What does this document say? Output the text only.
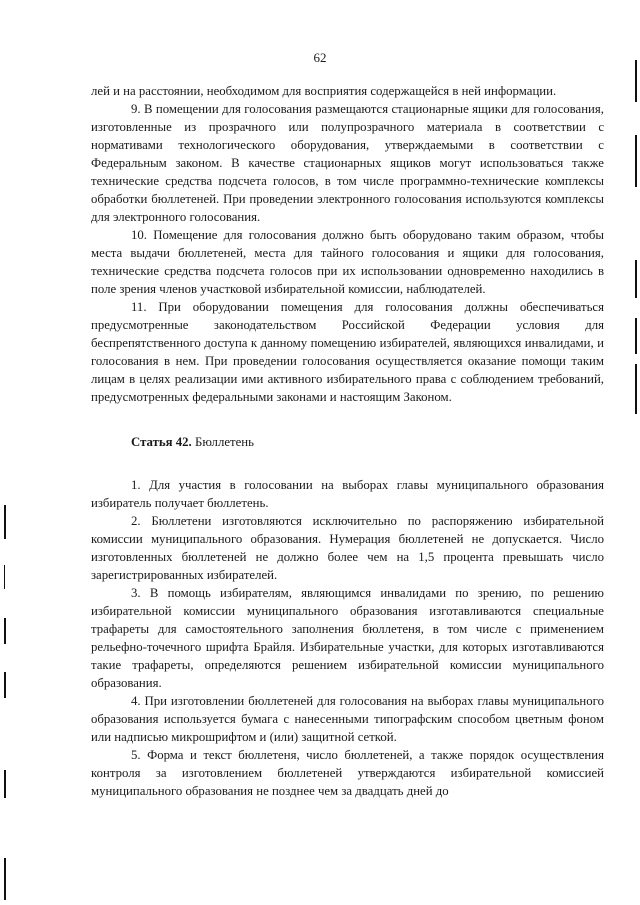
62

лей и на расстоянии, необходимом для восприятия содержащейся в ней информации.

9. В помещении для голосования размещаются стационарные ящики для голосования, изготовленные из прозрачного или полупрозрачного материала в соответствии с нормативами технологического оборудования, утверждаемыми в соответствии с Федеральным законом. В качестве стационарных ящиков могут использоваться также технические средства подсчета голосов, в том числе программно-технические комплексы обработки бюллетеней. При проведении электронного голосования используются комплексы для электронного голосования.

10. Помещение для голосования должно быть оборудовано таким образом, чтобы места выдачи бюллетеней, места для тайного голосования и ящики для голосования, технические средства подсчета голосов при их использовании одновременно находились в поле зрения членов участковой избирательной комиссии, наблюдателей.

11. При оборудовании помещения для голосования должны обеспечиваться предусмотренные законодательством Российской Федерации условия для беспрепятственного доступа к данному помещению избирателей, являющихся инвалидами, и голосования в нем. При проведении голосования осуществляется оказание помощи таким лицам в целях реализации ими активного избирательного права с соблюдением требований, предусмотренных федеральными законами и настоящим Законом.

Статья 42. Бюллетень

1. Для участия в голосовании на выборах главы муниципального образования избиратель получает бюллетень.

2. Бюллетени изготовляются исключительно по распоряжению избирательной комиссии муниципального образования. Нумерация бюллетеней не допускается. Число изготовленных бюллетеней не должно более чем на 1,5 процента превышать число зарегистрированных избирателей.

3. В помощь избирателям, являющимся инвалидами по зрению, по решению избирательной комиссии муниципального образования изготавливаются специальные трафареты для самостоятельного заполнения бюллетеня, в том числе с применением рельефно-точечного шрифта Брайля. Избирательные участки, для которых изготавливаются такие трафареты, определяются решением избирательной комиссии муниципального образования.

4. При изготовлении бюллетеней для голосования на выборах главы муниципального образования используется бумага с нанесенными типографским способом цветным фоном или надписью микрошрифтом и (или) защитной сеткой.

5. Форма и текст бюллетеня, число бюллетеней, а также порядок осуществления контроля за изготовлением бюллетеней утверждаются избирательной комиссией муниципального образования не позднее чем за двадцать дней до
